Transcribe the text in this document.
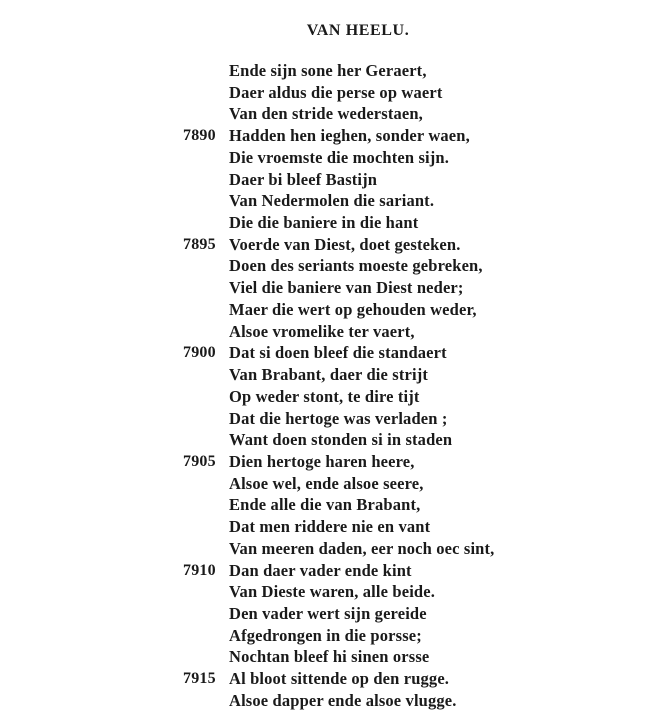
VAN HEELU.
Ende sijn sone her Geraert,
Daer aldus die perse op waert
Van den stride wederstaen,
7890 Hadden hen ieghen, sonder waen,
Die vroemste die mochten sijn.
Daer bi bleef Bastijn
Van Nedermolen die sariant.
Die die baniere in die hant
7895 Voerde van Diest, doet gesteken.
Doen des seriants moeste gebreken,
Viel die baniere van Diest neder;
Maer die wert op gehouden weder,
Alsoe vromelike ter vaert,
7900 Dat si doen bleef die standaert
Van Brabant, daer die strijt
Op weder stont, te dire tijt
Dat die hertoge was verladen ;
Want doen stonden si in staden
7905 Dien hertoge haren heere,
Alsoe wel, ende alsoe seere,
Ende alle die van Brabant,
Dat men riddere nie en vant
Van meeren daden, eer noch oec sint,
7910 Dan daer vader ende kint
Van Dieste waren, alle beide.
Den vader wert sijn gereide
Afgedrongen in die porsse;
Nochtan bleef hi sinen orsse
7915 Al bloot sittende op den rugge.
Alsoe dapper ende alsoe vlugge.
